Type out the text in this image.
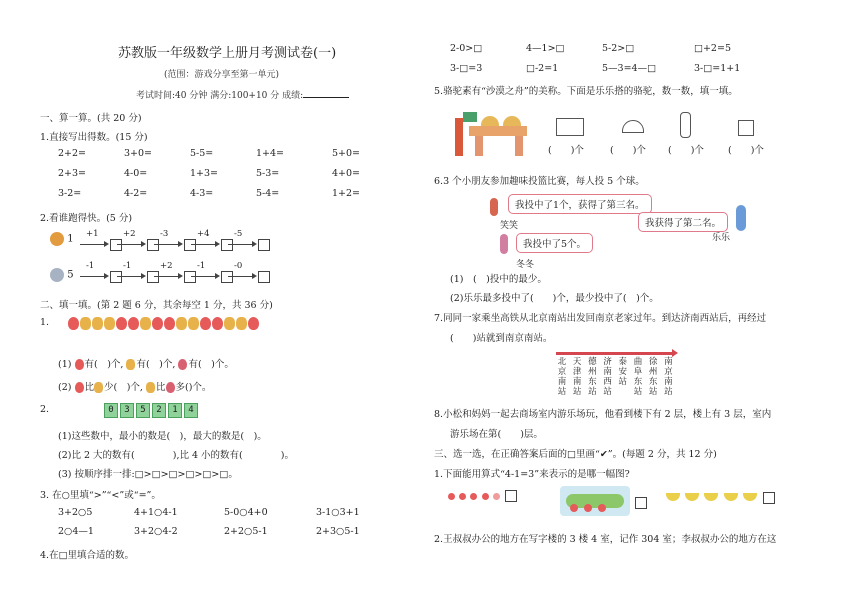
苏教版一年级数学上册月考测试卷(一)
(范围：游戏分享至第一单元)
考试时间:40 分钟 满分:100+10 分 成绩:
一、算一算。(共 20 分)
1.直接写出得数。(15 分)
2+2=	3+0=	5-5=	1+4=	5+0=
2+3=	4-0=	1+3=	5-3=	4+0=
3-2=	4-2=	4-3=	5-4=	1+2=
2.看谁跑得快。(5 分)
1 +1	+2	-3	+4	-5
5
-1	-1	+2	-1	-0
二、填一填。(第 2 题 6 分，其余每空 1 分，共 36 分)
1.
(1) 有(　)个, 有(　)个, 有(　)个。
(2) 比 少(　)个, 比 多()个。
2.	0 3 5 2 1 4
(1)这些数中，最小的数是(　)，最大的数是(　)。
(2)比 2 大的数有(　　　　),比 4 小的数有(　　　　)。
(3) 按顺序排一排:□>□>□>□>□>□。
3. 在○里填“>”“<”或“=”。
3+2○5	4+1○4-1	5-0○4+0	3-1○3+1
2○4—1	3+2○4-2	2+2○5-1	2+3○5-1
4.在□里填合适的数。
2-0>□	4—1>□	5-2>□	□+2=5
3-□=3	□-2=1	5—3=4—□	3-□=1+1
5.骆驼素有“沙漠之舟”的美称。下面是乐乐搭的骆驼，数一数，填一填。
(　　)个	(　　)个 (　　)个	(　　)个
6.3 个小朋友参加趣味投篮比赛，每人投 5 个球。
我投中了1个，获得了第三名。
笑笑	我获得了第二名。
乐乐
我投中了5个。
冬冬
(1)　(　)投中的最少。
(2)乐乐最多投中了(　　)个，最少投中了(　)个。
7.同同一家乘坐高铁从北京南站出发回南京老家过年。到达济南西站后，再经过
(　　)站就到南京南站。
北京南站
天津南站
德州东站
济南西站
泰安站
曲阜东站
徐州东站
南京南站
8.小松和妈妈一起去商场室内游乐场玩，他看到楼下有 2 层，楼上有 3 层，室内
游乐场在第(　　)层。
三、选一选，在正确答案后面的□里画“✔”。(每题 2 分，共 12 分)
1.下面能用算式“4-1=3”来表示的是哪一幅图?

2.王叔叔办公的地方在写字楼的 3 楼 4 室，记作 304 室；李叔叔办公的地方在这
